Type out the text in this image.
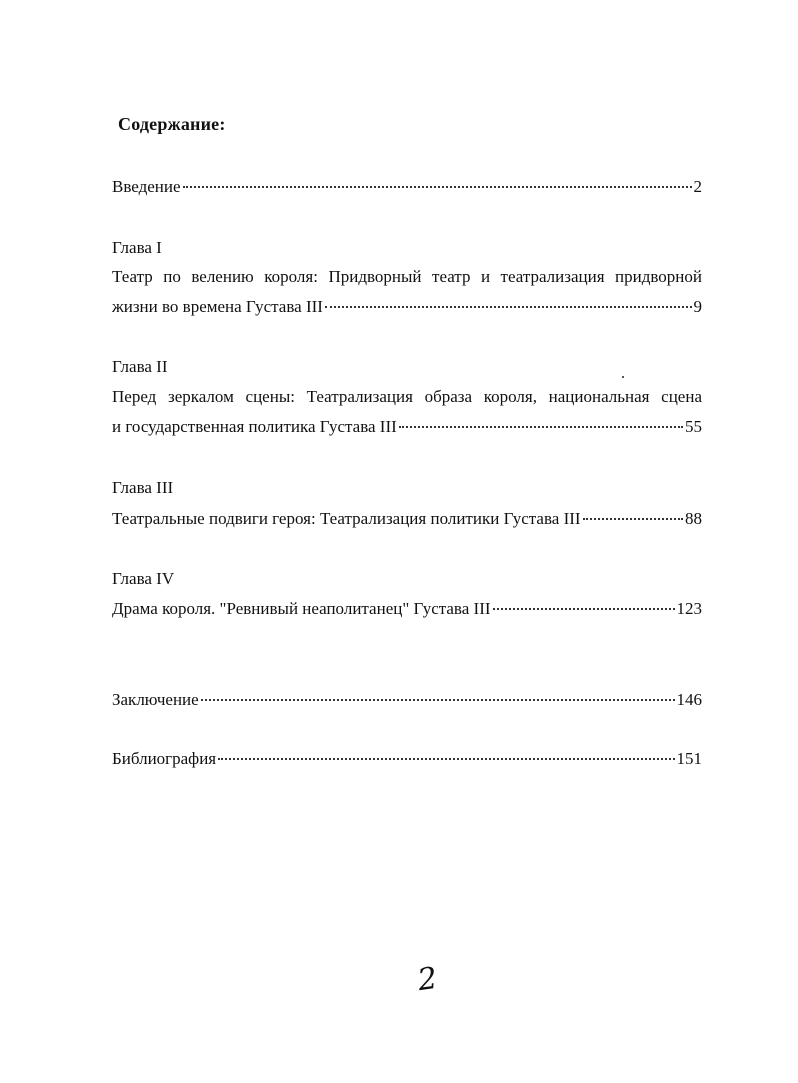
Содержание:
Введение	2
Глава I
Театр по велению короля: Придворный театр и театрализация придворной
жизни во времена Густава III	9
Глава II
Перед зеркалом сцены: Театрализация образа короля, национальная сцена
и государственная политика Густава III	55
Глава III
Театральные подвиги героя: Театрализация политики Густава III	88
Глава IV
Драма короля. "Ревнивый неаполитанец" Густава III	123
Заключение	146
Библиография	151
2
